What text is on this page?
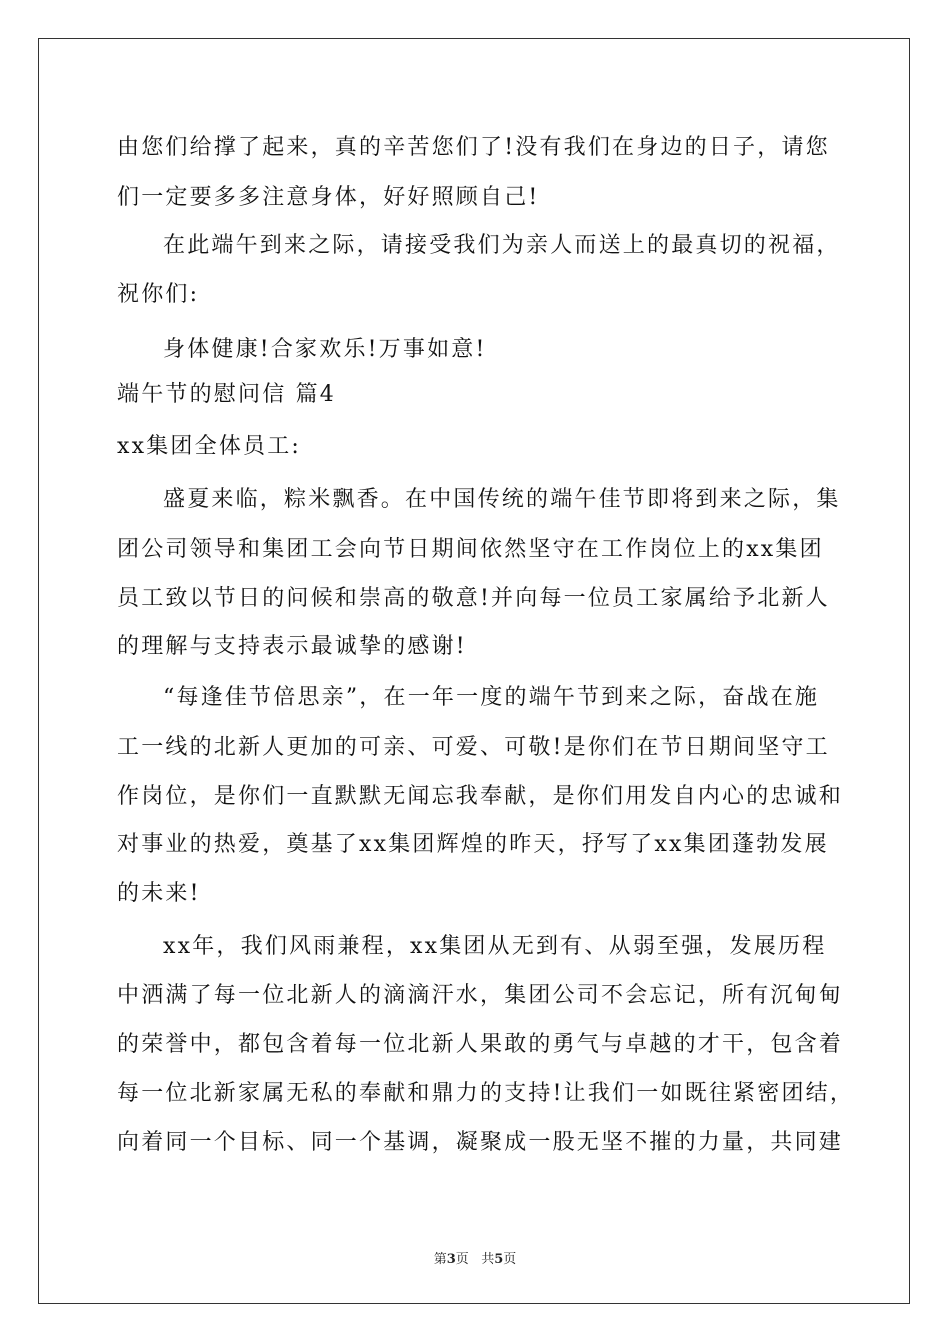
由您们给撑了起来，真的辛苦您们了!没有我们在身边的日子，请您
们一定要多多注意身体，好好照顾自己!
在此端午到来之际，请接受我们为亲人而送上的最真切的祝福，
祝你们:
身体健康!合家欢乐!万事如意!
端午节的慰问信 篇4
xx集团全体员工:
盛夏来临，粽米飘香。在中国传统的端午佳节即将到来之际，集
团公司领导和集团工会向节日期间依然坚守在工作岗位上的xx集团
员工致以节日的问候和崇高的敬意!并向每一位员工家属给予北新人
的理解与支持表示最诚挚的感谢!
“每逢佳节倍思亲”，在一年一度的端午节到来之际，奋战在施
工一线的北新人更加的可亲、可爱、可敬!是你们在节日期间坚守工
作岗位，是你们一直默默无闻忘我奉献，是你们用发自内心的忠诚和
对事业的热爱，奠基了xx集团辉煌的昨天，抒写了xx集团蓬勃发展
的未来!
xx年，我们风雨兼程，xx集团从无到有、从弱至强，发展历程
中洒满了每一位北新人的滴滴汗水，集团公司不会忘记，所有沉甸甸
的荣誉中，都包含着每一位北新人果敢的勇气与卓越的才干，包含着
每一位北新家属无私的奉献和鼎力的支持!让我们一如既往紧密团结，
向着同一个目标、同一个基调，凝聚成一股无坚不摧的力量，共同建
第3页 共5页
